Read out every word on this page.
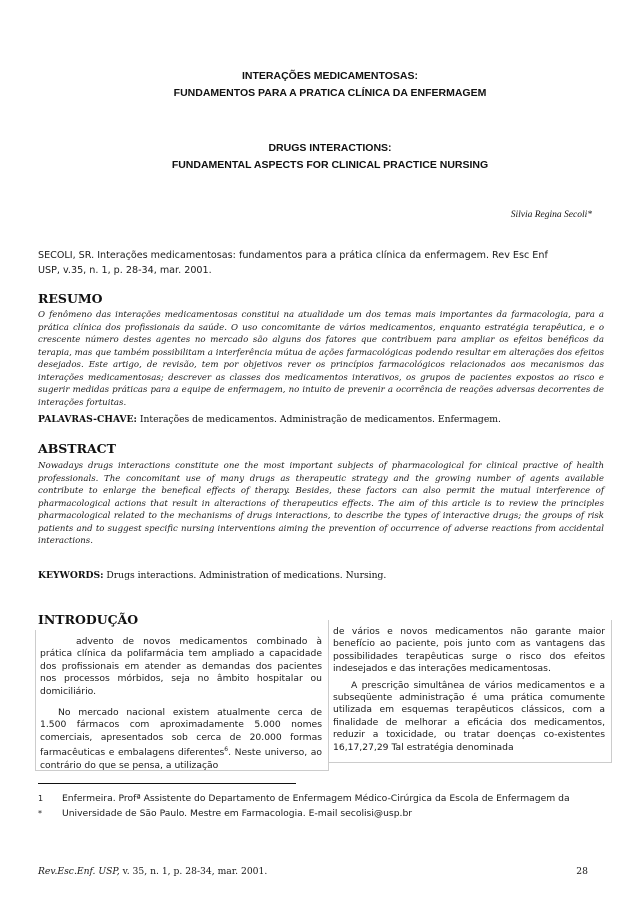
INTERAÇÕES MEDICAMENTOSAS:
FUNDAMENTOS PARA A PRATICA CLÍNICA DA ENFERMAGEM
DRUGS INTERACTIONS:
FUNDAMENTAL ASPECTS FOR CLINICAL PRACTICE NURSING
Silvia Regina Secoli*
SECOLI, SR. Interações medicamentosas: fundamentos para a prática clínica da enfermagem. Rev Esc Enf
USP, v.35, n. 1, p. 28-34, mar. 2001.
RESUMO
O fenômeno das interações medicamentosas constitui na atualidade um dos temas mais importantes da farmacologia, para a prática clínica dos profissionais da saúde. O uso concomitante de vários medicamentos, enquanto estratégia terapêutica, e o crescente número destes agentes no mercado são alguns dos fatores que contribuem para ampliar os efeitos benéficos da terapia, mas que também possibilitam a interferência mútua de ações farmacológicas podendo resultar em alterações dos efeitos desejados. Este artigo, de revisão, tem por objetivos rever os princípios farmacológicos relacionados aos mecanismos das interações medicamentosas; descrever as classes dos medicamentos interativos, os grupos de pacientes expostos ao risco e sugerir medidas práticas para a equipe de enfermagem, no intuito de prevenir a ocorrência de reações adversas decorrentes de interações fortuitas.
PALAVRAS-CHAVE: Interações de medicamentos. Administração de medicamentos. Enfermagem.
ABSTRACT
Nowadays drugs interactions constitute one the most important subjects of pharmacological for clinical practive of health professionals. The concomitant use of many drugs as therapeutic strategy and the growing number of agents available contribute to enlarge the benefical effects of therapy. Besides, these factors can also permit the mutual interference of pharmacological actions that result in alteractions of therapeutics effects. The aim of this article is to review the principles pharmacological related to the mechanisms of drugs interactions, to describe the types of interactive drugs; the groups of risk patients and to suggest specific nursing interventions aiming the prevention of occurrence of adverse reactions from accidental interactions.
KEYWORDS: Drugs interactions. Administration of medications. Nursing.
INTRODUÇÃO

advento de novos medicamentos combinado à prática clínica da polifarmácia tem ampliado a capacidade dos profissionais em atender as demandas dos pacientes nos processos mórbidos, seja no âmbito hospitalar ou domiciliário.

No mercado nacional existem atualmente cerca de 1.500 fármacos com aproximadamente 5.000 nomes comerciais, apresentados sob cerca de 20.000 formas farmacêuticas e embalagens diferentes$^6$. Neste universo, ao contrário do que se pensa, a utilização

de vários e novos medicamentos não garante maior benefício ao paciente, pois junto com as vantagens das possibilidades terapêuticas surge o risco dos efeitos indesejados e das interações medicamentosas.

A prescrição simultânea de vários medicamentos e a subseqüente administração é uma prática comumente utilizada em esquemas terapêuticos clássicos, com a finalidade de melhorar a eficácia dos medicamentos, reduzir a toxicidade, ou tratar doenças co-existentes 16,17,27,29 Tal estratégia denominada

1 Enfermeira. Profª Assistente do Departamento de Enfermagem Médico-Cirúrgica da Escola de Enfermagem da
* Universidade de São Paulo. Mestre em Farmacologia. E-mail secolisi@usp.br
Rev.Esc.Enf. USP, v. 35, n. 1, p. 28-34, mar. 2001.	28
